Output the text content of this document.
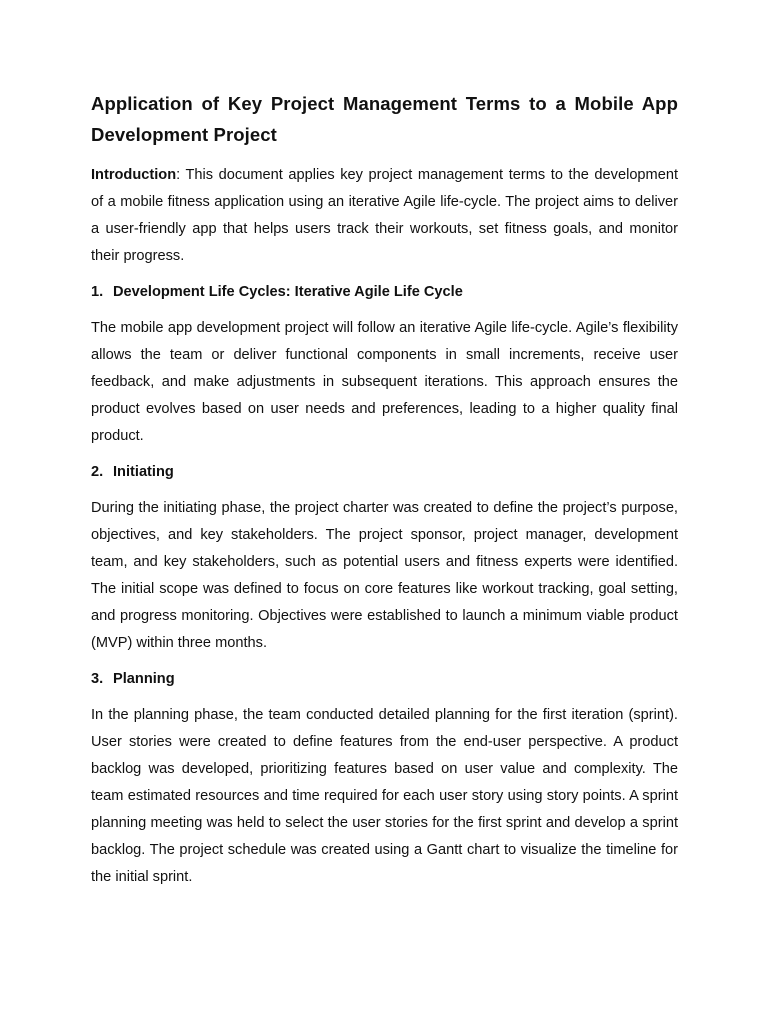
Application of Key Project Management Terms to a Mobile App Development Project

Introduction: This document applies key project management terms to the development of a mobile fitness application using an iterative Agile life-cycle. The project aims to deliver a user-friendly app that helps users track their workouts, set fitness goals, and monitor their progress.

1. Development Life Cycles: Iterative Agile Life Cycle

The mobile app development project will follow an iterative Agile life-cycle. Agile’s flexibility allows the team or deliver functional components in small increments, receive user feedback, and make adjustments in subsequent iterations. This approach ensures the product evolves based on user needs and preferences, leading to a higher quality final product.

2. Initiating

During the initiating phase, the project charter was created to define the project’s purpose, objectives, and key stakeholders. The project sponsor, project manager, development team, and key stakeholders, such as potential users and fitness experts were identified. The initial scope was defined to focus on core features like workout tracking, goal setting, and progress monitoring. Objectives were established to launch a minimum viable product (MVP) within three months.

3. Planning

In the planning phase, the team conducted detailed planning for the first iteration (sprint). User stories were created to define features from the end-user perspective. A product backlog was developed, prioritizing features based on user value and complexity. The team estimated resources and time required for each user story using story points. A sprint planning meeting was held to select the user stories for the first sprint and develop a sprint backlog. The project schedule was created using a Gantt chart to visualize the timeline for the initial sprint.
